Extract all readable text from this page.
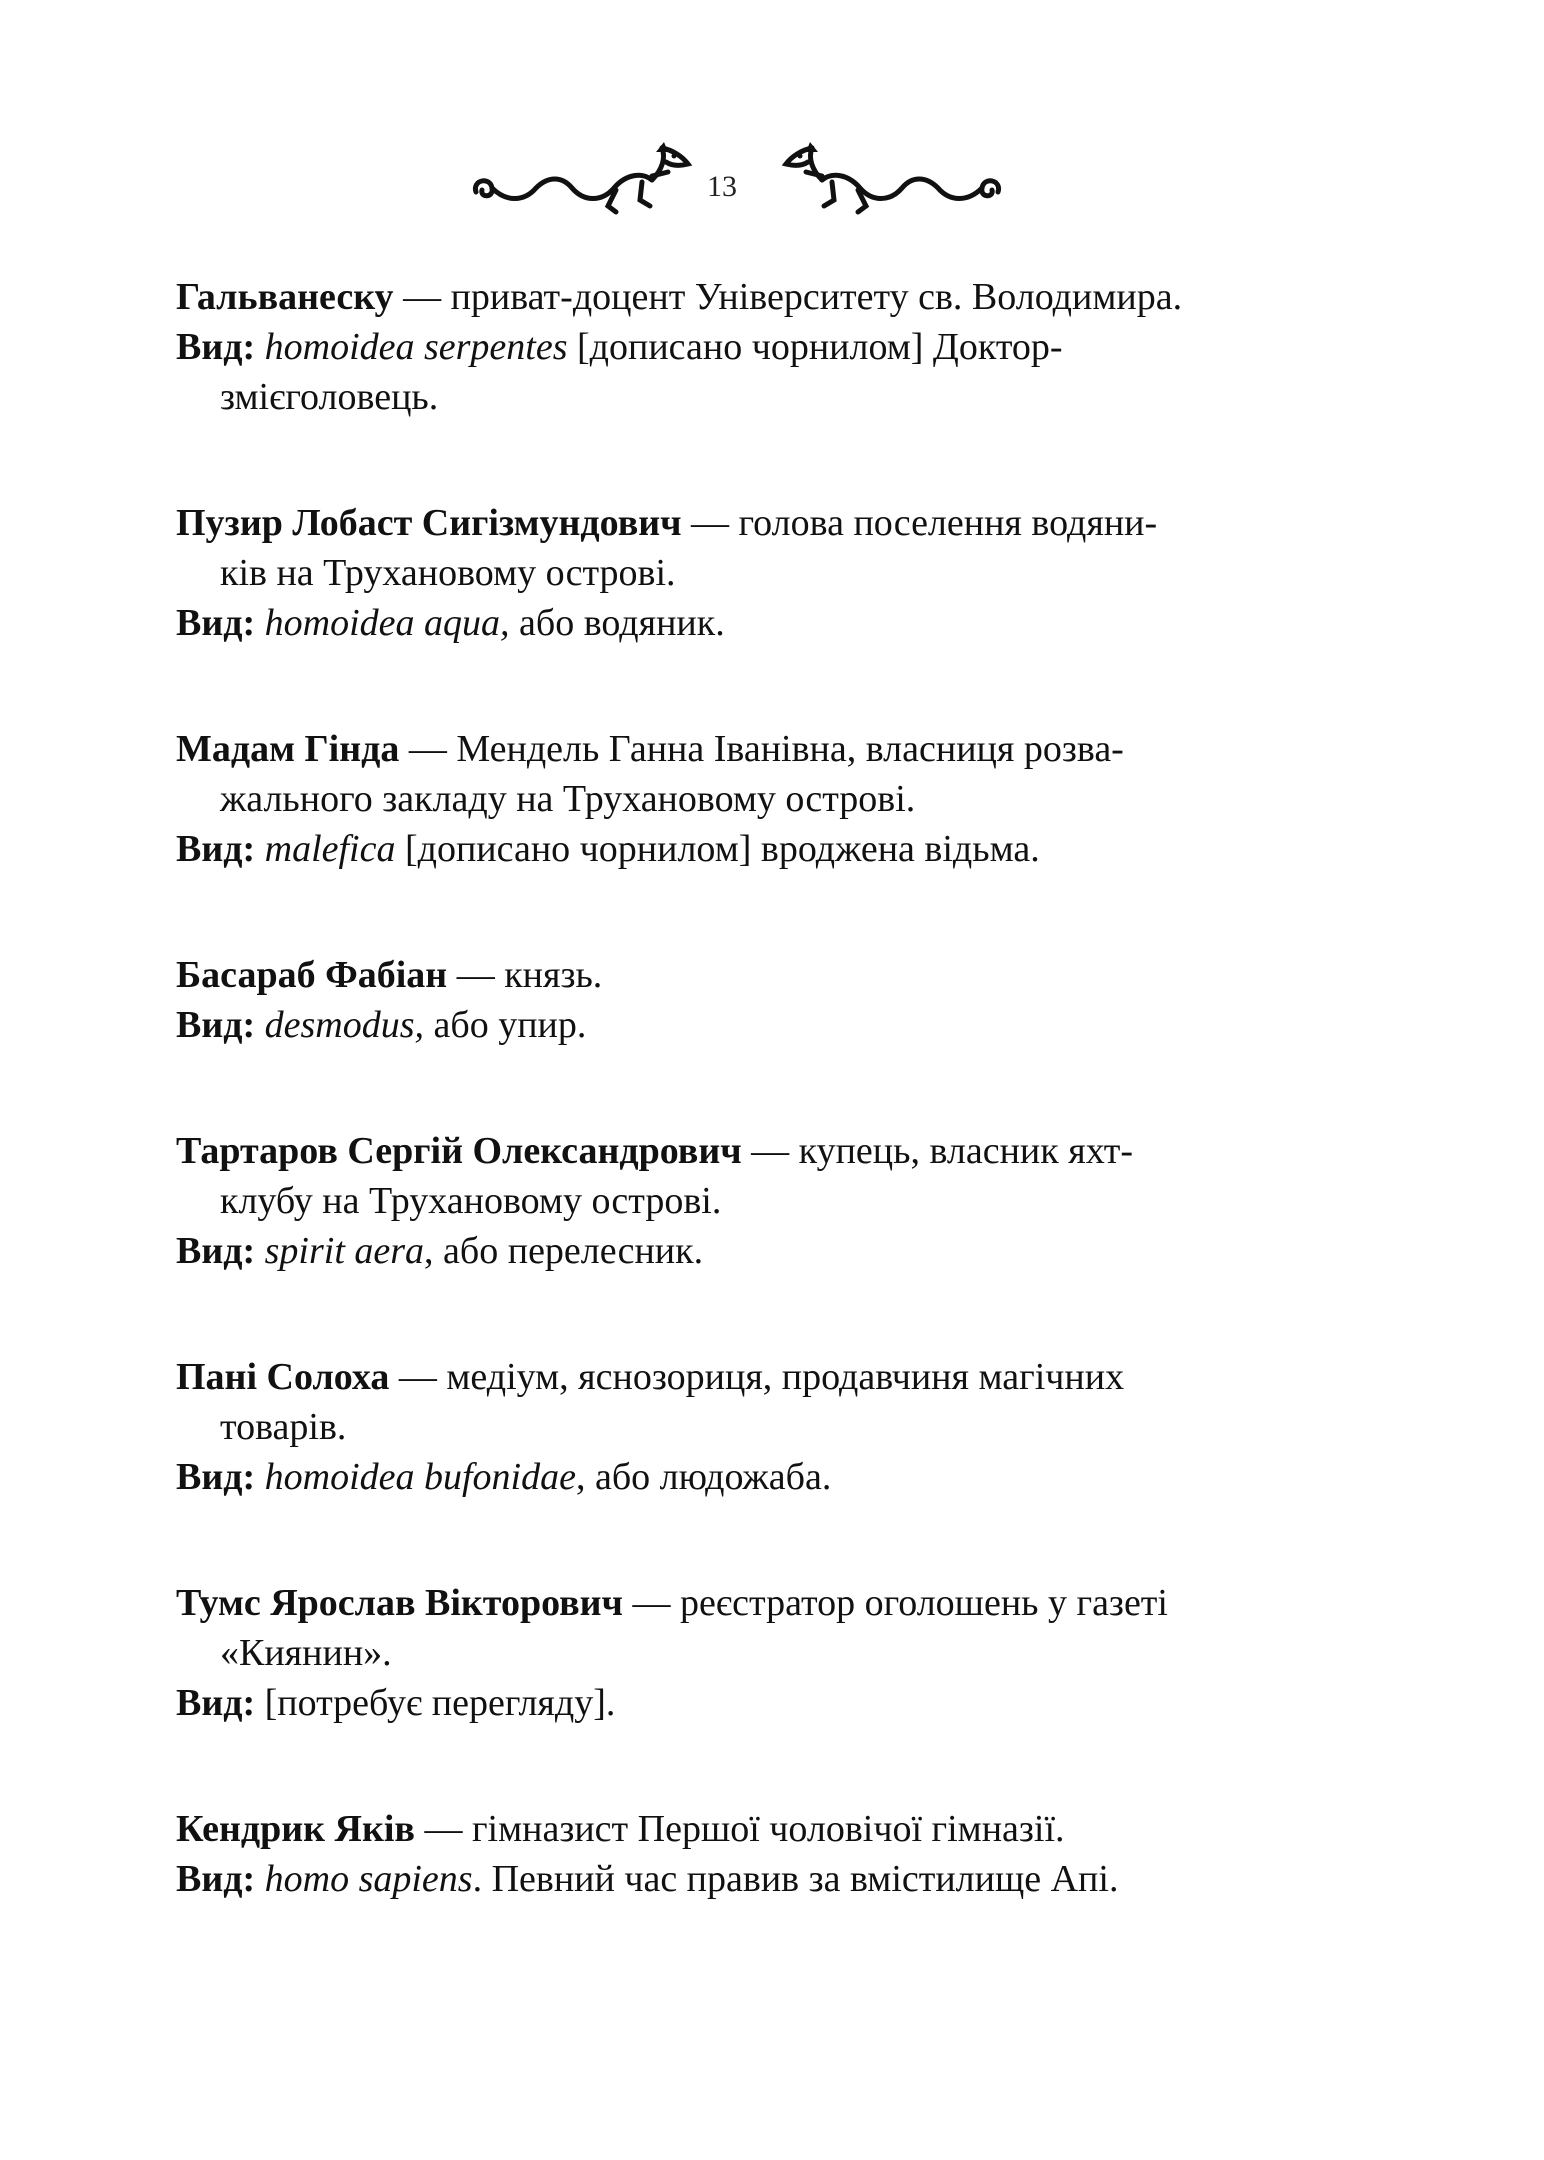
13

Гальванеску — приват-доцент Університету св. Володимира.

Вид: homoidea serpentes [дописано чорнилом] Доктор-

змієголовець.

Пузир Лобаст Сигізмундович — голова поселення водяни-

ків на Трухановому острові.

Вид: homoidea aqua, або водяник.

Мадам Гінда — Мендель Ганна Іванівна, власниця розва-

жального закладу на Трухановому острові.

Вид: malefica [дописано чорнилом] вроджена відьма.

Басараб Фабіан — князь.

Вид: desmodus, або упир.

Тартаров Сергій Олександрович — купець, власник яхт-

клубу на Трухановому острові.

Вид: spirit aera, або перелесник.

Пані Солоха — медіум, яснозориця, продавчиня магічних

товарів.

Вид: homoidea bufonidae, або людожаба.

Тумс Ярослав Вікторович — реєстратор оголошень у газеті

«Киянин».

Вид: [потребує перегляду].

Кендрик Яків — гімназист Першої чоловічої гімназії.

Вид: homo sapiens. Певний час правив за вмістилище Апі.
